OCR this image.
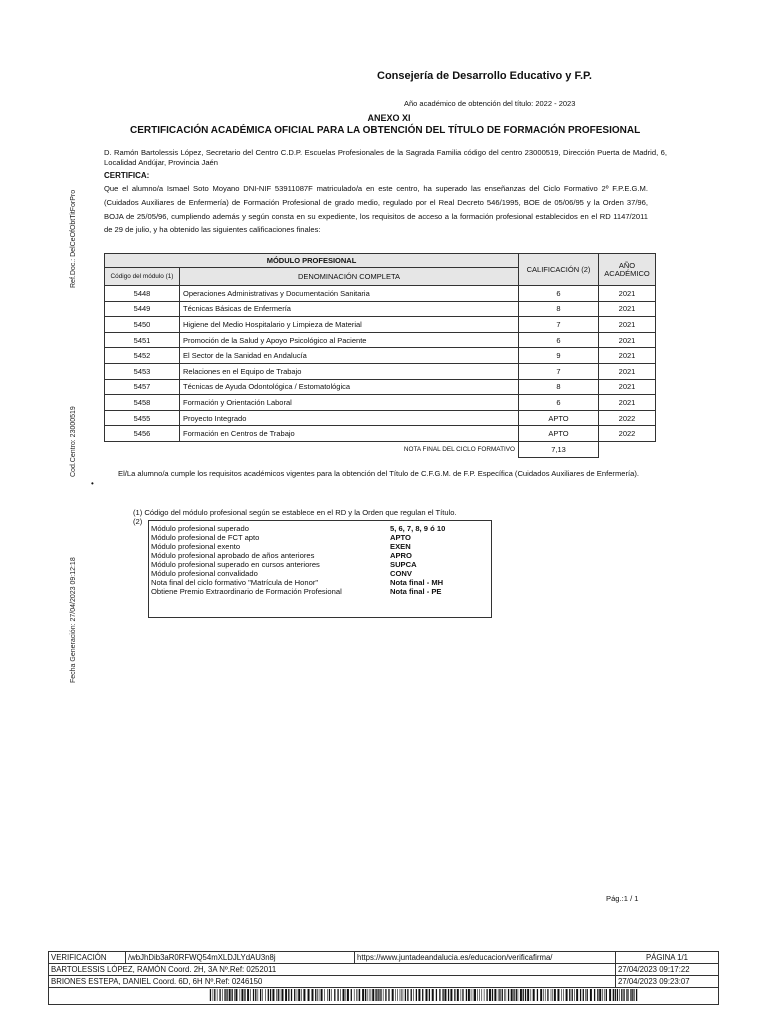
Consejería de Desarrollo Educativo y F.P.
Año académico de obtención del título: 2022 - 2023
ANEXO XI
CERTIFICACIÓN ACADÉMICA OFICIAL PARA LA OBTENCIÓN DEL TÍTULO DE FORMACIÓN PROFESIONAL
D. Ramón Bartolessis López, Secretario del Centro C.D.P. Escuelas Profesionales de la Sagrada Familia código del centro 23000519, Dirección Puerta de Madrid, 6, Localidad Andújar, Provincia Jaén
CERTIFICA:
Que el alumno/a Ismael Soto Moyano DNI-NIF 53911087F matriculado/a en este centro, ha superado las enseñanzas del Ciclo Formativo 2º F.P.E.G.M. (Cuidados Auxiliares de Enfermería) de Formación Profesional de grado medio, regulado por el Real Decreto 546/1995, BOE de 05/06/95 y la Orden 37/96, BOJA de 25/05/96, cumpliendo además y según consta en su expediente, los requisitos de acceso a la formación profesional establecidos en el RD 1147/2011 de 29 de julio, y ha obtenido las siguientes calificaciones finales:
Ref.Doc.: DelCeOfObtTitForPro
Cod.Centro: 23000519
Fecha Generación: 27/04/2023 09:12:18
MÓDULO PROFESIONAL		CALIFICACIÓN (2)	AÑO ACADÉMICO
Código del módulo (1)	DENOMINACIÓN COMPLETA		
5448	Operaciones Administrativas y Documentación Sanitaria	6	2021
5449	Técnicas Básicas de Enfermería	8	2021
5450	Higiene del Medio Hospitalario y Limpieza de Material	7	2021
5451	Promoción de la Salud y Apoyo Psicológico al Paciente	6	2021
5452	El Sector de la Sanidad en Andalucía	9	2021
5453	Relaciones en el Equipo de Trabajo	7	2021
5457	Técnicas de Ayuda Odontológica / Estomatológica	8	2021
5458	Formación y Orientación Laboral	6	2021
5455	Proyecto Integrado	APTO	2022
5456	Formación en Centros de Trabajo	APTO	2022
	NOTA FINAL DEL CICLO FORMATIVO	7,13	
El/La alumno/a cumple los requisitos académicos vigentes para la obtención del Título de C.F.G.M. de F.P. Específica (Cuidados Auxiliares de Enfermería).
•
(1) Código del módulo profesional según se establece en el RD y la Orden que regulan el Título.
(2)
Módulo profesional superado	5, 6, 7, 8, 9 ó 10
Módulo profesional de FCT apto	APTO
Módulo profesional exento	EXEN
Módulo profesional aprobado de años anteriores	APRO
Módulo profesional superado en cursos anteriores	SUPCA
Módulo profesional convalidado	CONV
Nota final del ciclo formativo "Matrícula de Honor"	Nota final - MH
Obtiene Premio Extraordinario de Formación Profesional	Nota final - PE
Pág.:1 / 1
VERIFICACIÓN	/wbJhDib3aR0RFWQ54mXLDJLYdAU3n8j	https://www.juntadeandalucia.es/educacion/verificafirma/	PÁGINA 1/1
BARTOLESSIS LÓPEZ, RAMÓN Coord. 2H, 3A Nº.Ref: 0252011			27/04/2023 09:17:22
BRIONES ESTEPA, DANIEL Coord. 6D, 6H Nº.Ref: 0246150			27/04/2023 09:23:07
